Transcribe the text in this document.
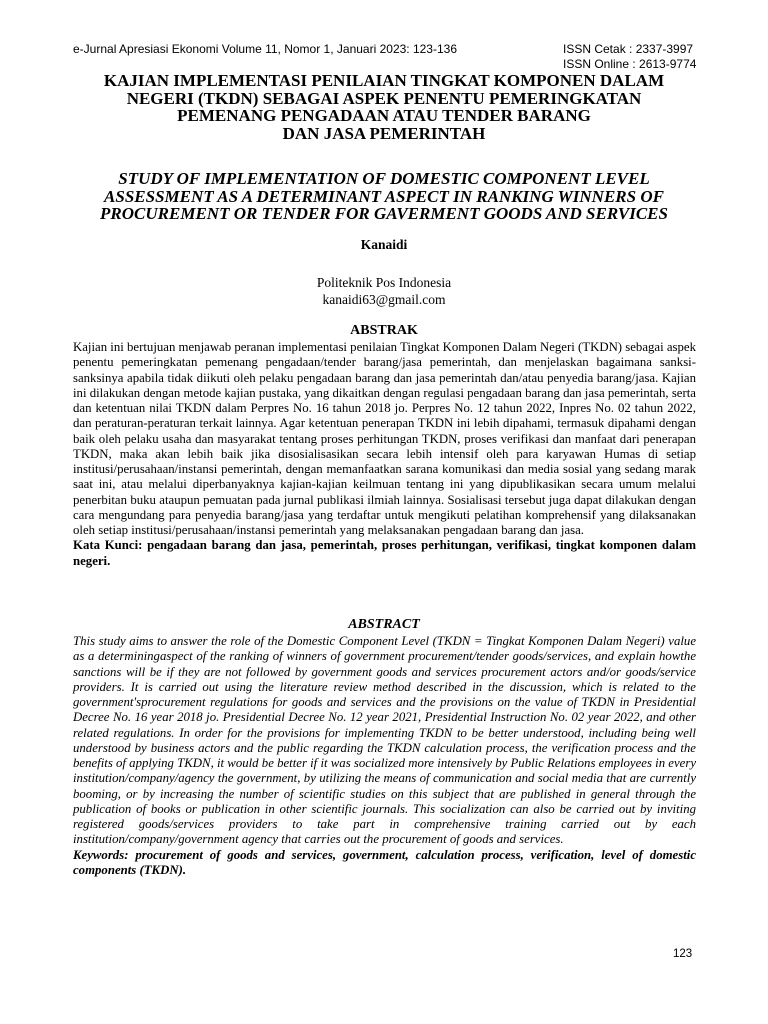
e-Jurnal Apresiasi Ekonomi Volume 11, Nomor 1, Januari 2023: 123-136	ISSN Cetak : 2337-3997
ISSN Online : 2613-9774
KAJIAN IMPLEMENTASI PENILAIAN TINGKAT KOMPONEN DALAM
NEGERI (TKDN) SEBAGAI ASPEK PENENTU PEMERINGKATAN
PEMENANG PENGADAAN ATAU TENDER BARANG
DAN JASA PEMERINTAH
STUDY OF IMPLEMENTATION OF DOMESTIC COMPONENT LEVEL
ASSESSMENT AS A DETERMINANT ASPECT IN RANKING WINNERS OF
PROCUREMENT OR TENDER FOR GAVERMENT GOODS AND SERVICES
Kanaidi
Politeknik Pos Indonesia
kanaidi63@gmail.com
ABSTRAK
Kajian ini bertujuan menjawab peranan implementasi penilaian Tingkat Komponen Dalam Negeri (TKDN) sebagai aspek penentu pemeringkatan pemenang pengadaan/tender barang/jasa pemerintah, dan menjelaskan bagaimana sanksi-sanksinya apabila tidak diikuti oleh pelaku pengadaan barang dan jasa pemerintah dan/atau penyedia barang/jasa. Kajian ini dilakukan dengan metode kajian pustaka, yang dikaitkan dengan regulasi pengadaan barang dan jasa pemerintah, serta dan ketentuan nilai TKDN dalam Perpres No. 16 tahun 2018 jo. Perpres No. 12 tahun 2022, Inpres No. 02 tahun 2022, dan peraturan-peraturan terkait lainnya. Agar ketentuan penerapan TKDN ini lebih dipahami, termasuk dipahami dengan baik oleh pelaku usaha dan masyarakat tentang proses perhitungan TKDN, proses verifikasi dan manfaat dari penerapan TKDN, maka akan lebih baik jika disosialisasikan secara lebih intensif oleh para karyawan Humas di setiap institusi/perusahaan/instansi pemerintah, dengan memanfaatkan sarana komunikasi dan media sosial yang sedang marak saat ini, atau melalui diperbanyaknya kajian-kajian keilmuan tentang ini yang dipublikasikan secara umum melalui penerbitan buku ataupun pemuatan pada jurnal publikasi ilmiah lainnya. Sosialisasi tersebut juga dapat dilakukan dengan cara mengundang para penyedia barang/jasa yang terdaftar untuk mengikuti pelatihan komprehensif yang dilaksanakan oleh setiap institusi/perusahaan/instansi pemerintah yang melaksanakan pengadaan barang dan jasa.
Kata Kunci: pengadaan barang dan jasa, pemerintah, proses perhitungan, verifikasi, tingkat komponen dalam negeri.
ABSTRACT
This study aims to answer the role of the Domestic Component Level (TKDN = Tingkat Komponen Dalam Negeri) value as a determiningaspect of the ranking of winners of government procurement/tender goods/services, and explain howthe sanctions will be if they are not followed by government goods and services procurement actors and/or goods/service providers. It is carried out using the literature review method described in the discussion, which is related to the government'sprocurement regulations for goods and services and the provisions on the value of TKDN in Presidential Decree No. 16 year 2018 jo. Presidential Decree No. 12 year 2021, Presidential Instruction No. 02 year 2022, and other related regulations. In order for the provisions for implementing TKDN to be better understood, including being well understood by business actors and the public regarding the TKDN calculation process, the verification process and the benefits of applying TKDN, it would be better if it was socialized more intensively by Public Relations employees in every institution/company/agency the government, by utilizing the means of communication and social media that are currently booming, or by increasing the number of scientific studies on this subject that are published in general through the publication of books or publication in other scientific journals. This socialization can also be carried out by inviting registered goods/services providers to take part in comprehensive training carried out by each institution/company/government agency that carries out the procurement of goods and services.
Keywords: procurement of goods and services, government, calculation process, verification, level of domestic components (TKDN).
123
